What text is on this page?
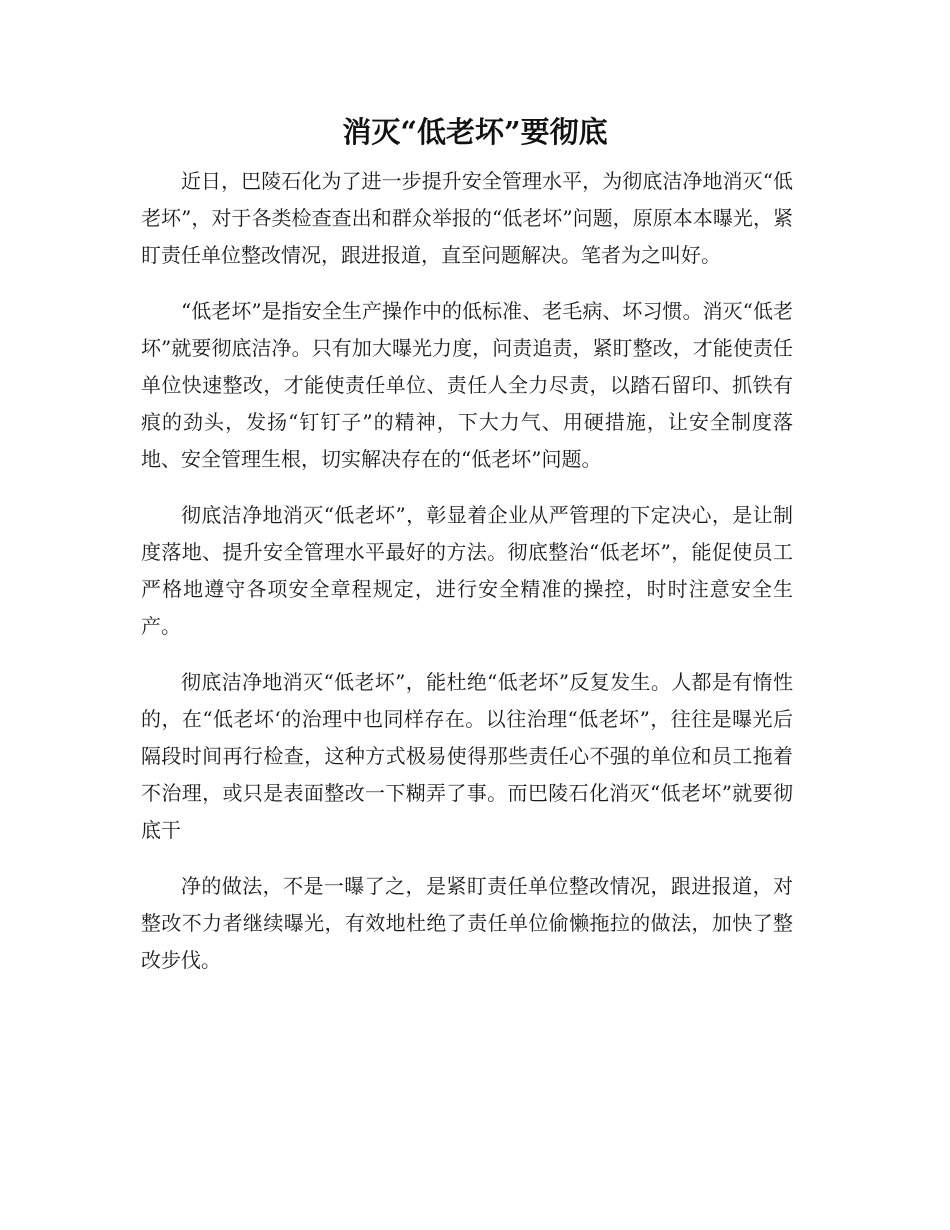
消灭“低老坏”要彻底

近日，巴陵石化为了进一步提升安全管理水平，为彻底洁净地消灭“低老坏”，对于各类检查查出和群众举报的“低老坏”问题，原原本本曝光，紧盯责任单位整改情况，跟进报道，直至问题解决。笔者为之叫好。

“低老坏”是指安全生产操作中的低标准、老毛病、坏习惯。消灭“低老坏”就要彻底洁净。只有加大曝光力度，问责追责，紧盯整改，才能使责任单位快速整改，才能使责任单位、责任人全力尽责，以踏石留印、抓铁有痕的劲头，发扬“钉钉子”的精神，下大力气、用硬措施，让安全制度落地、安全管理生根，切实解决存在的“低老坏”问题。

彻底洁净地消灭“低老坏”，彰显着企业从严管理的下定决心，是让制度落地、提升安全管理水平最好的方法。彻底整治“低老坏”，能促使员工严格地遵守各项安全章程规定，进行安全精准的操控，时时注意安全生产。

彻底洁净地消灭“低老坏”，能杜绝“低老坏”反复发生。人都是有惰性的，在“低老坏‘的治理中也同样存在。以往治理“低老坏”，往往是曝光后隔段时间再行检查，这种方式极易使得那些责任心不强的单位和员工拖着不治理，或只是表面整改一下糊弄了事。而巴陵石化消灭“低老坏”就要彻底干

净的做法，不是一曝了之，是紧盯责任单位整改情况，跟进报道，对整改不力者继续曝光，有效地杜绝了责任单位偷懒拖拉的做法，加快了整改步伐。
